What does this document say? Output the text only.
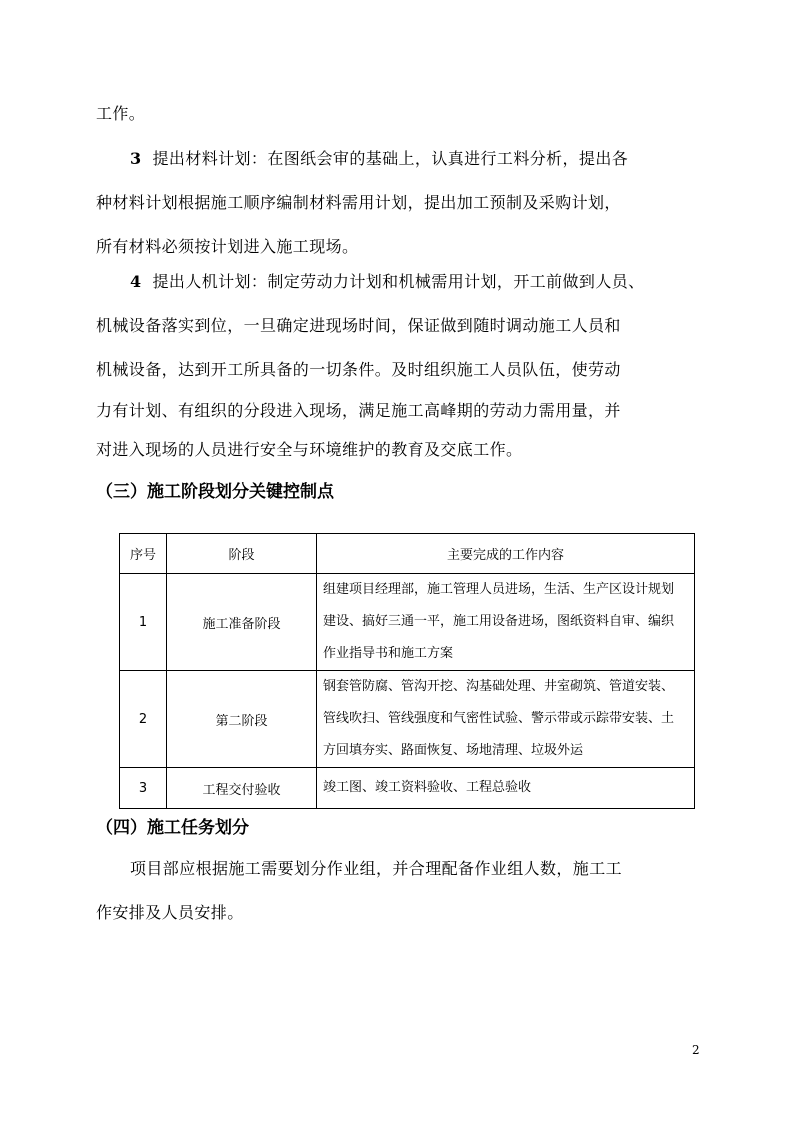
工作。
3 提出材料计划：在图纸会审的基础上，认真进行工料分析，提出各
种材料计划根据施工顺序编制材料需用计划，提出加工预制及采购计划，
所有材料必须按计划进入施工现场。
4 提出人机计划：制定劳动力计划和机械需用计划，开工前做到人员、
机械设备落实到位，一旦确定进现场时间，保证做到随时调动施工人员和
机械设备，达到开工所具备的一切条件。及时组织施工人员队伍，使劳动
力有计划、有组织的分段进入现场，满足施工高峰期的劳动力需用量，并
对进入现场的人员进行安全与环境维护的教育及交底工作。
（三）施工阶段划分关键控制点
序号	阶段	主要完成的工作内容
1	施工准备阶段	组建项目经理部，施工管理人员进场，生活、生产区设计规划
建设、搞好三通一平，施工用设备进场，图纸资料自审、编织
作业指导书和施工方案

2	第二阶段	钢套管防腐、管沟开挖、沟基础处理、井室砌筑、管道安装、
管线吹扫、管线强度和气密性试验、警示带或示踪带安装、土
方回填夯实、路面恢复、场地清理、垃圾外运

3	工程交付验收	竣工图、竣工资料验收、工程总验收
（四）施工任务划分
项目部应根据施工需要划分作业组，并合理配备作业组人数，施工工
作安排及人员安排。
2
